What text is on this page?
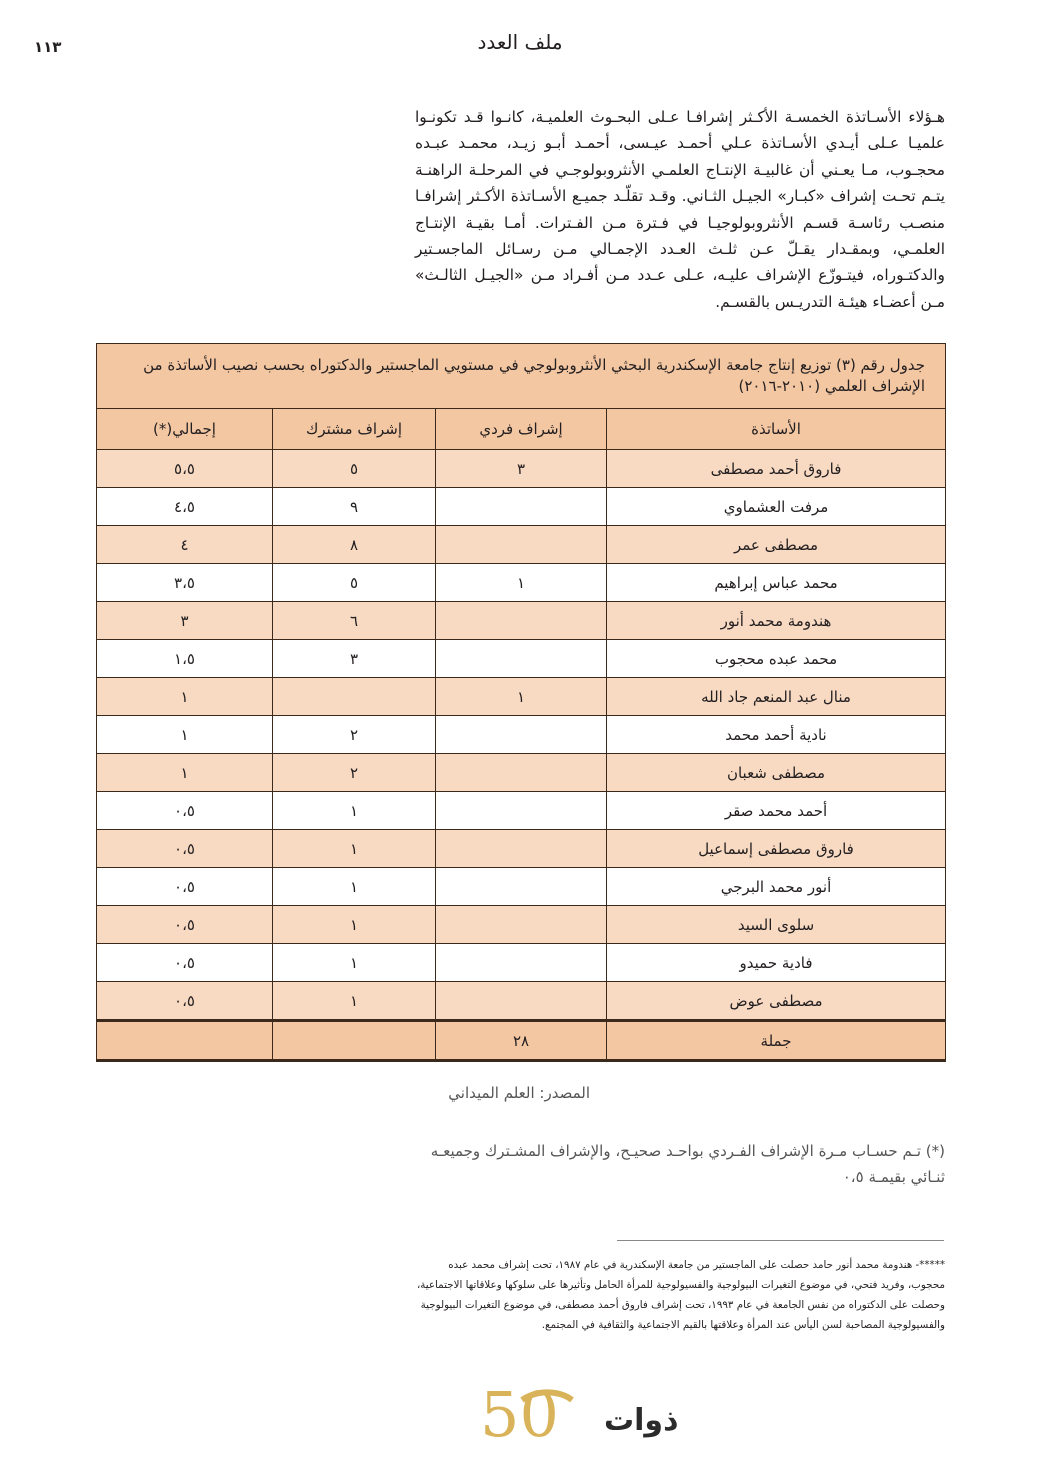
١١٣	ملف العدد

هـؤلاء الأسـاتذة الخمسـة الأكـثر إشرافـا عـلى البحـوث العلميـة، كانـوا قـد تكونـوا علميـا عـلى أيـدي الأسـاتذة عـلي أحمـد عيـسى، أحمـد أبـو زيـد، محمـد عبـده محجـوب، مـا يعـني أن غالبيـة الإنتـاج العلمـي الأنثروبولوجـي في المرحلـة الراهنـة يتـم تحـت إشراف «كبـار» الجيـل الثـاني. وقـد تقلّـد جميـع الأسـاتذة الأكـثر إشرافـا منصـب رئاسـة قسـم الأنثروبولوجيـا في فـترة مـن الفـترات. أمـا بقيـة الإنتـاج العلمـي، وبمقـدار يقـلّ عـن ثلـث العـدد الإجمـالي مـن رسـائل الماجسـتير والدكتـوراه، فيتـوزّع الإشراف عليـه، عـلى عـدد مـن أفـراد مـن «الجيـل الثالـث» مـن أعضـاء هيئـة التدريـس بالقسـم.

جدول رقم (٣) توزيع إنتاج جامعة الإسكندرية البحثي الأنثروبولوجي في مستويي الماجستير والدكتوراه بحسب نصيب الأساتذة من الإشراف العلمي (٢٠١٠-٢٠١٦)			
الأساتذة	إشراف فردي	إشراف مشترك	إجمالي(*)
فاروق أحمد مصطفى	٣	٥	٥،٥
مرفت العشماوي		٩	٤،٥
مصطفى عمر		٨	٤
محمد عباس إبراهيم	١	٥	٣،٥
هندومة محمد أنور		٦	٣
محمد عبده محجوب		٣	١،٥
منال عبد المنعم جاد الله	١		١
نادية أحمد محمد		٢	١
مصطفى شعبان		٢	١
أحمد محمد صقر		١	٠،٥
فاروق مصطفى إسماعيل		١	٠،٥
أنور محمد البرجي		١	٠،٥
سلوى السيد		١	٠،٥
فادية حميدو		١	٠،٥
مصطفى عوض		١	٠،٥
جملة	٢٨		
المصدر: العلم الميداني

(*) تـم حسـاب مـرة الإشراف الفـردي بواحـد صحيـح، والإشراف المشـترك وجميعـه ثنـائي بقيمـة ٠،٥

*****- هندومة محمد أنور حامد حصلت على الماجستير من جامعة الإسكندرية في عام ١٩٨٧، تحت إشراف محمد عبده محجوب، وفريد فتحي، في موضوع التغيرات البيولوجية والفسيولوجية للمرأة الحامل وتأثيرها على سلوكها وعلاقاتها الاجتماعية، وحصلت على الدكتوراه من نفس الجامعة في عام ١٩٩٣، تحت إشراف فاروق أحمد مصطفى، في موضوع التغيرات البيولوجية والفسيولوجية المصاحبة لسن اليأس عند المرأة وعلاقتها بالقيم الاجتماعية والثقافية في المجتمع.

50 ذوات
